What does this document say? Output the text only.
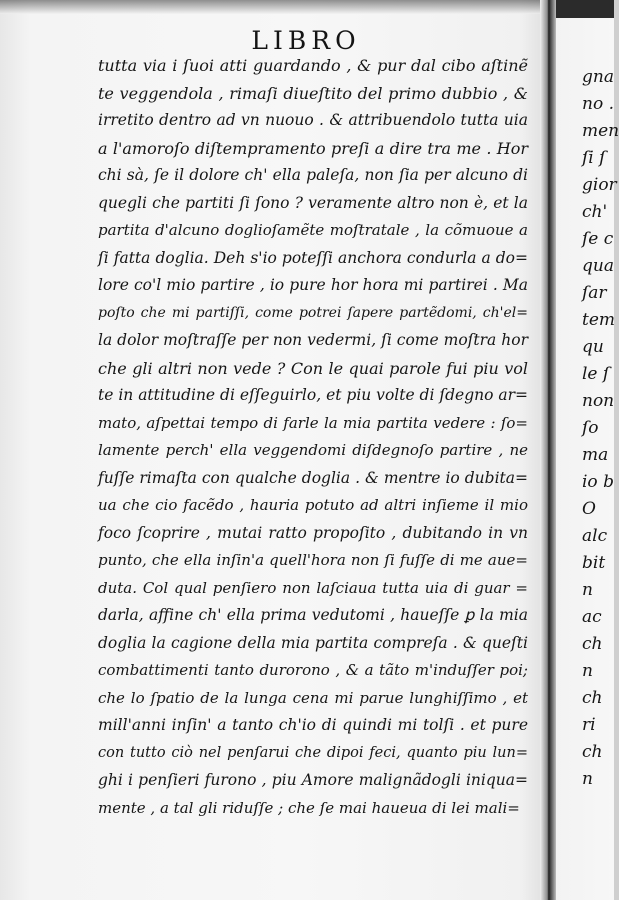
LIBRO
tutta via i ſuoi atti guardando , & pur dal cibo aſtinẽ
te veggendola , rimaſi diueſtito del primo dubbio , &
irretito dentro ad vn nuouo . & attribuendolo tutta uia
a l'amoroſo diſtempramento preſi a dire tra me . Hor
chi sà, ſe il dolore ch' ella paleſa, non ſia per alcuno di
quegli che partiti ſi ſono ? veramente altro non è, et la
partita d'alcuno doglioſamẽte moſtratale , la cõmuoue a
ſi fatta doglia. Deh s'io poteſſi anchora condurla a do=
lore co'l mio partire , io pure hor hora mi partirei . Ma
poſto che mi partiſſi, come potrei ſapere partẽdomi, ch'el=
la dolor moſtraſſe per non vedermi, ſi come moſtra hor
che gli altri non vede ? Con le quai parole fui piu vol
te in attitudine di eſſeguirlo, et piu volte di ſdegno ar=
mato, aſpettai tempo di farle la mia partita vedere : ſo=
lamente perch' ella veggendomi diſdegnoſo partire , ne
fuſſe rimaſta con qualche doglia . & mentre io dubita=
ua che cio facẽdo , hauria potuto ad altri inſieme il mio
foco ſcoprire , mutai ratto propoſito , dubitando in vn
punto, che ella inſin'a quell'hora non ſi fuſſe di me aue=
duta. Col qual penſiero non laſciaua tutta uia di guar =
darla, affine ch' ella prima vedutomi , haueſſe ꝑ la mia
doglia la cagione della mia partita compreſa . & queſti
combattimenti tanto durorono , & a tãto m'induſſer poi;
che lo ſpatio de la lunga cena mi parue lunghiſſimo , et
mill'anni inſin' a tanto ch'io di quindi mi tolſi . et pure
con tutto ciò nel penſarui che dipoi feci, quanto piu lun=
ghi i penſieri furono , piu Amore malignãdogli iniqua=
mente , a tal gli riduſſe ; che ſe mai haueua di lei mali=
gna
no .
men
ſi ſ
gior
ch'
ſe c
qua
ſar
tem
qu
le ſ
non
ſo
ma
io b
O
alc
bit
n
ac
ch
n
ch
ri
ch
n
